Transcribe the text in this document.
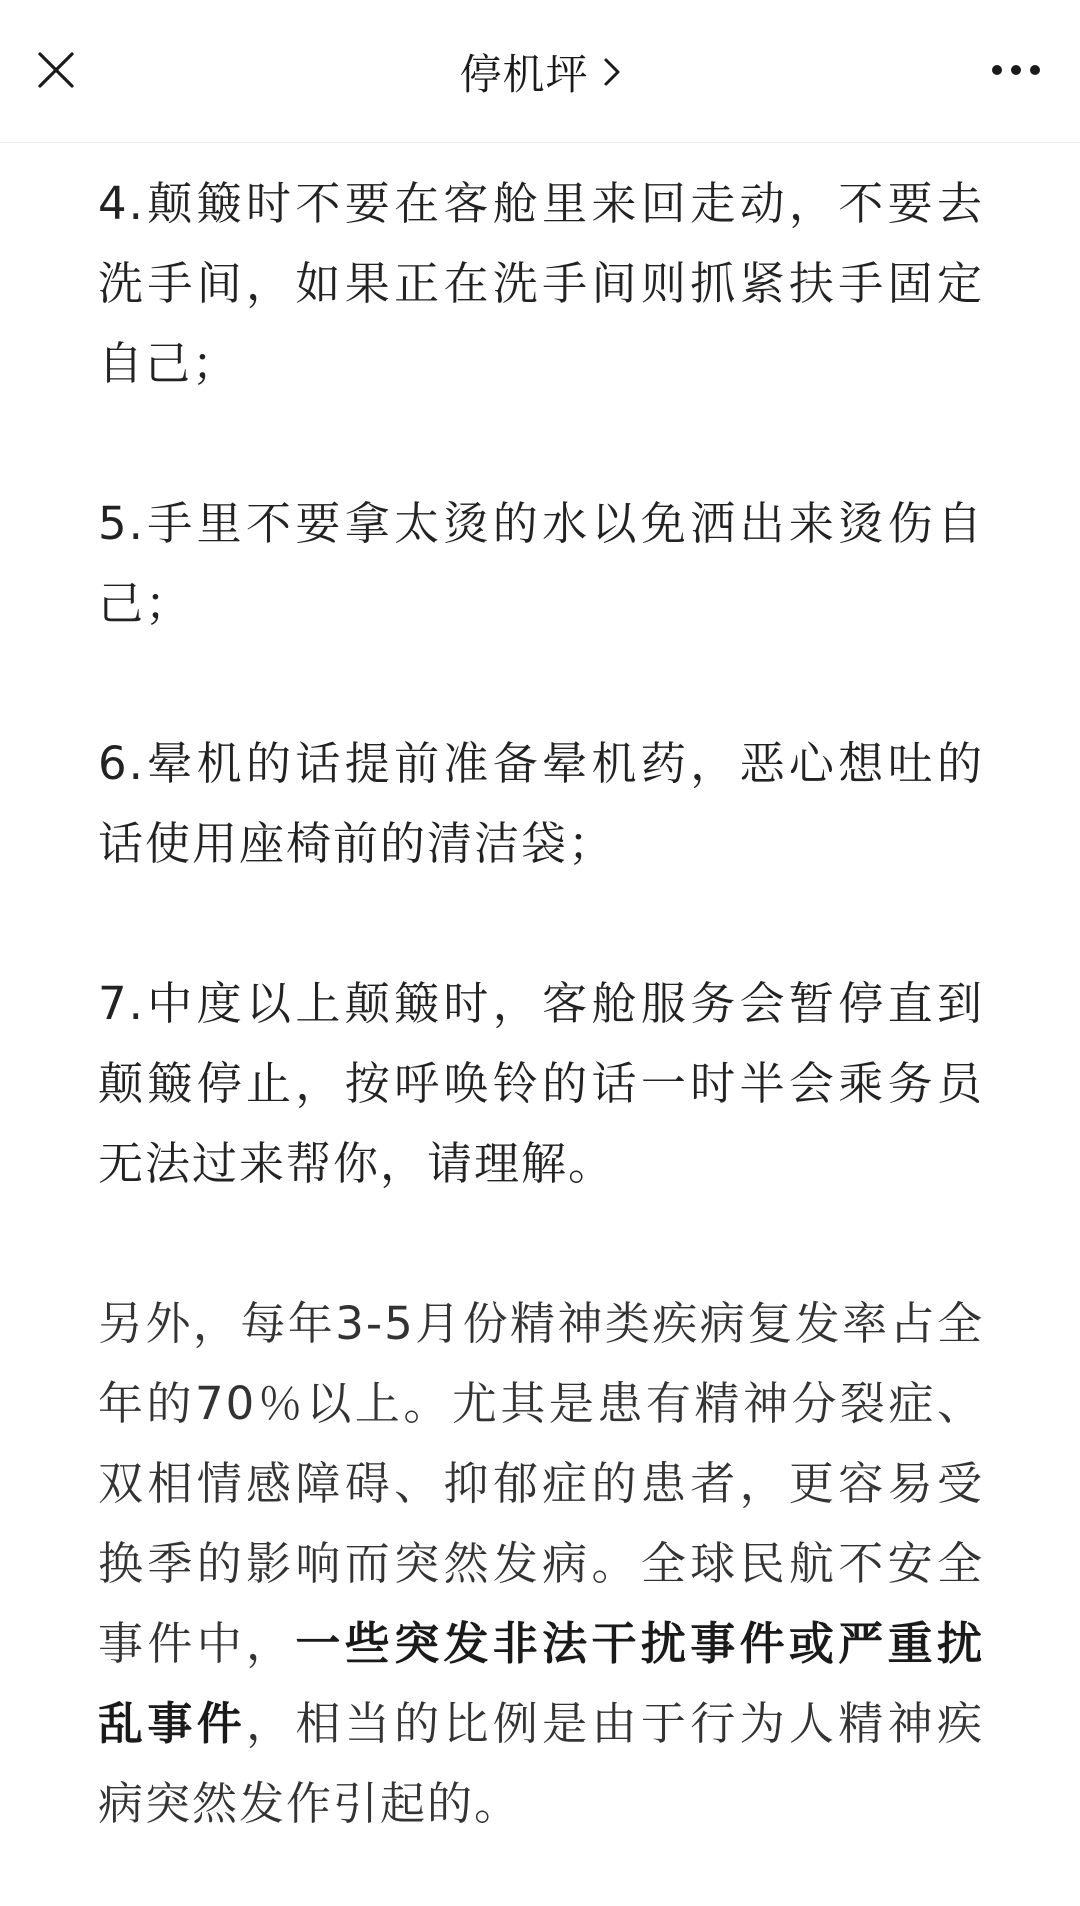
停机坪

4.颠簸时不要在客舱里来回走动，不要去洗手间，如果正在洗手间则抓紧扶手固定自己；

5.手里不要拿太烫的水以免洒出来烫伤自己；

6.晕机的话提前准备晕机药，恶心想吐的话使用座椅前的清洁袋；

7.中度以上颠簸时，客舱服务会暂停直到颠簸停止，按呼唤铃的话一时半会乘务员无法过来帮你，请理解。

另外，每年3-5月份精神类疾病复发率占全年的70％以上。尤其是患有精神分裂症、双相情感障碍、抑郁症的患者，更容易受换季的影响而突然发病。全球民航不安全事件中，一些突发非法干扰事件或严重扰乱事件，相当的比例是由于行为人精神疾病突然发作引起的。
